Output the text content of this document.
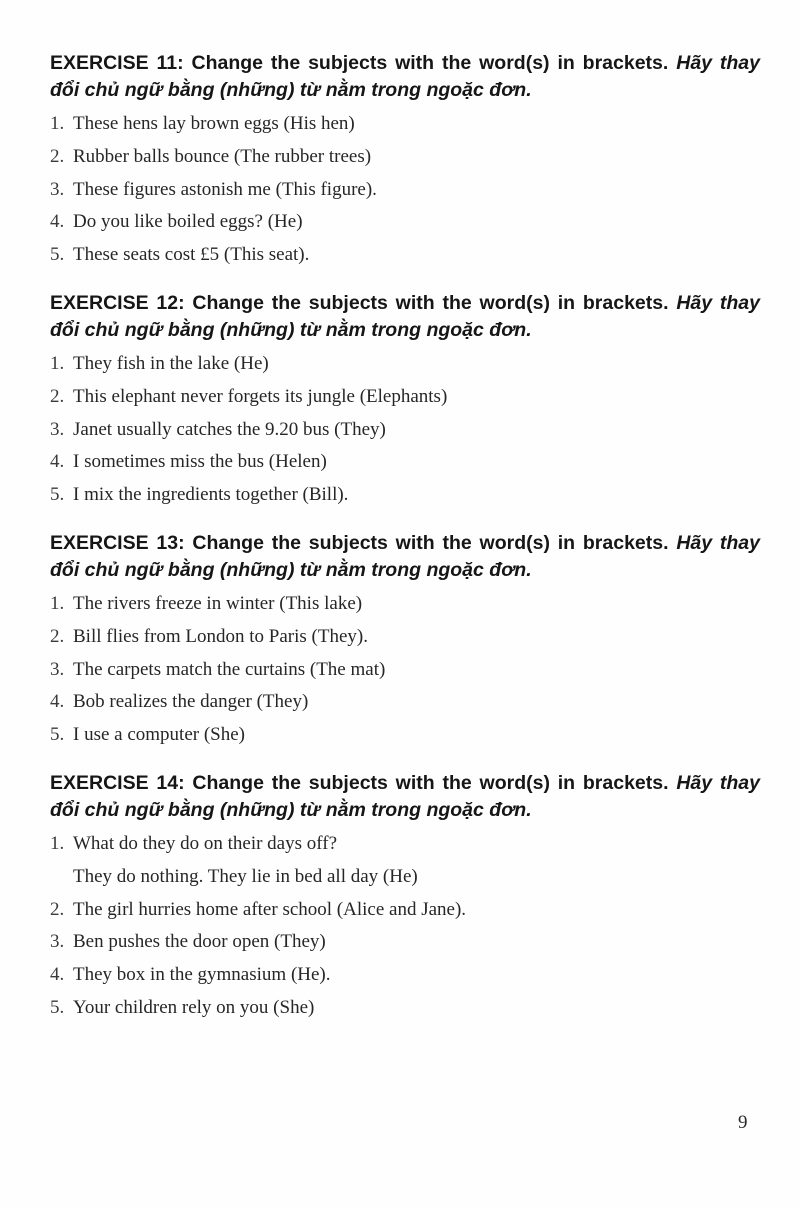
EXERCISE 11: Change the subjects with the word(s) in brackets. Hãy thay đổi chủ ngữ bằng (những) từ nằm trong ngoặc đơn.

1. These hens lay brown eggs (His hen)
2. Rubber balls bounce (The rubber trees)
3. These figures astonish me (This figure).
4. Do you like boiled eggs? (He)
5. These seats cost £5 (This seat).

EXERCISE 12: Change the subjects with the word(s) in brackets. Hãy thay đổi chủ ngữ bằng (những) từ nằm trong ngoặc đơn.

1. They fish in the lake (He)
2. This elephant never forgets its jungle (Elephants)
3. Janet usually catches the 9.20 bus (They)
4. I sometimes miss the bus (Helen)
5. I mix the ingredients together (Bill).

EXERCISE 13: Change the subjects with the word(s) in brackets. Hãy thay đổi chủ ngữ bằng (những) từ nằm trong ngoặc đơn.

1. The rivers freeze in winter (This lake)
2. Bill flies from London to Paris (They).
3. The carpets match the curtains (The mat)
4. Bob realizes the danger (They)
5. I use a computer (She)

EXERCISE 14: Change the subjects with the word(s) in brackets. Hãy thay đổi chủ ngữ bằng (những) từ nằm trong ngoặc đơn.

1. What do they do on their days off?
They do nothing. They lie in bed all day (He)
2. The girl hurries home after school (Alice and Jane).
3. Ben pushes the door open (They)
4. They box in the gymnasium (He).
5. Your children rely on you (She)
9
